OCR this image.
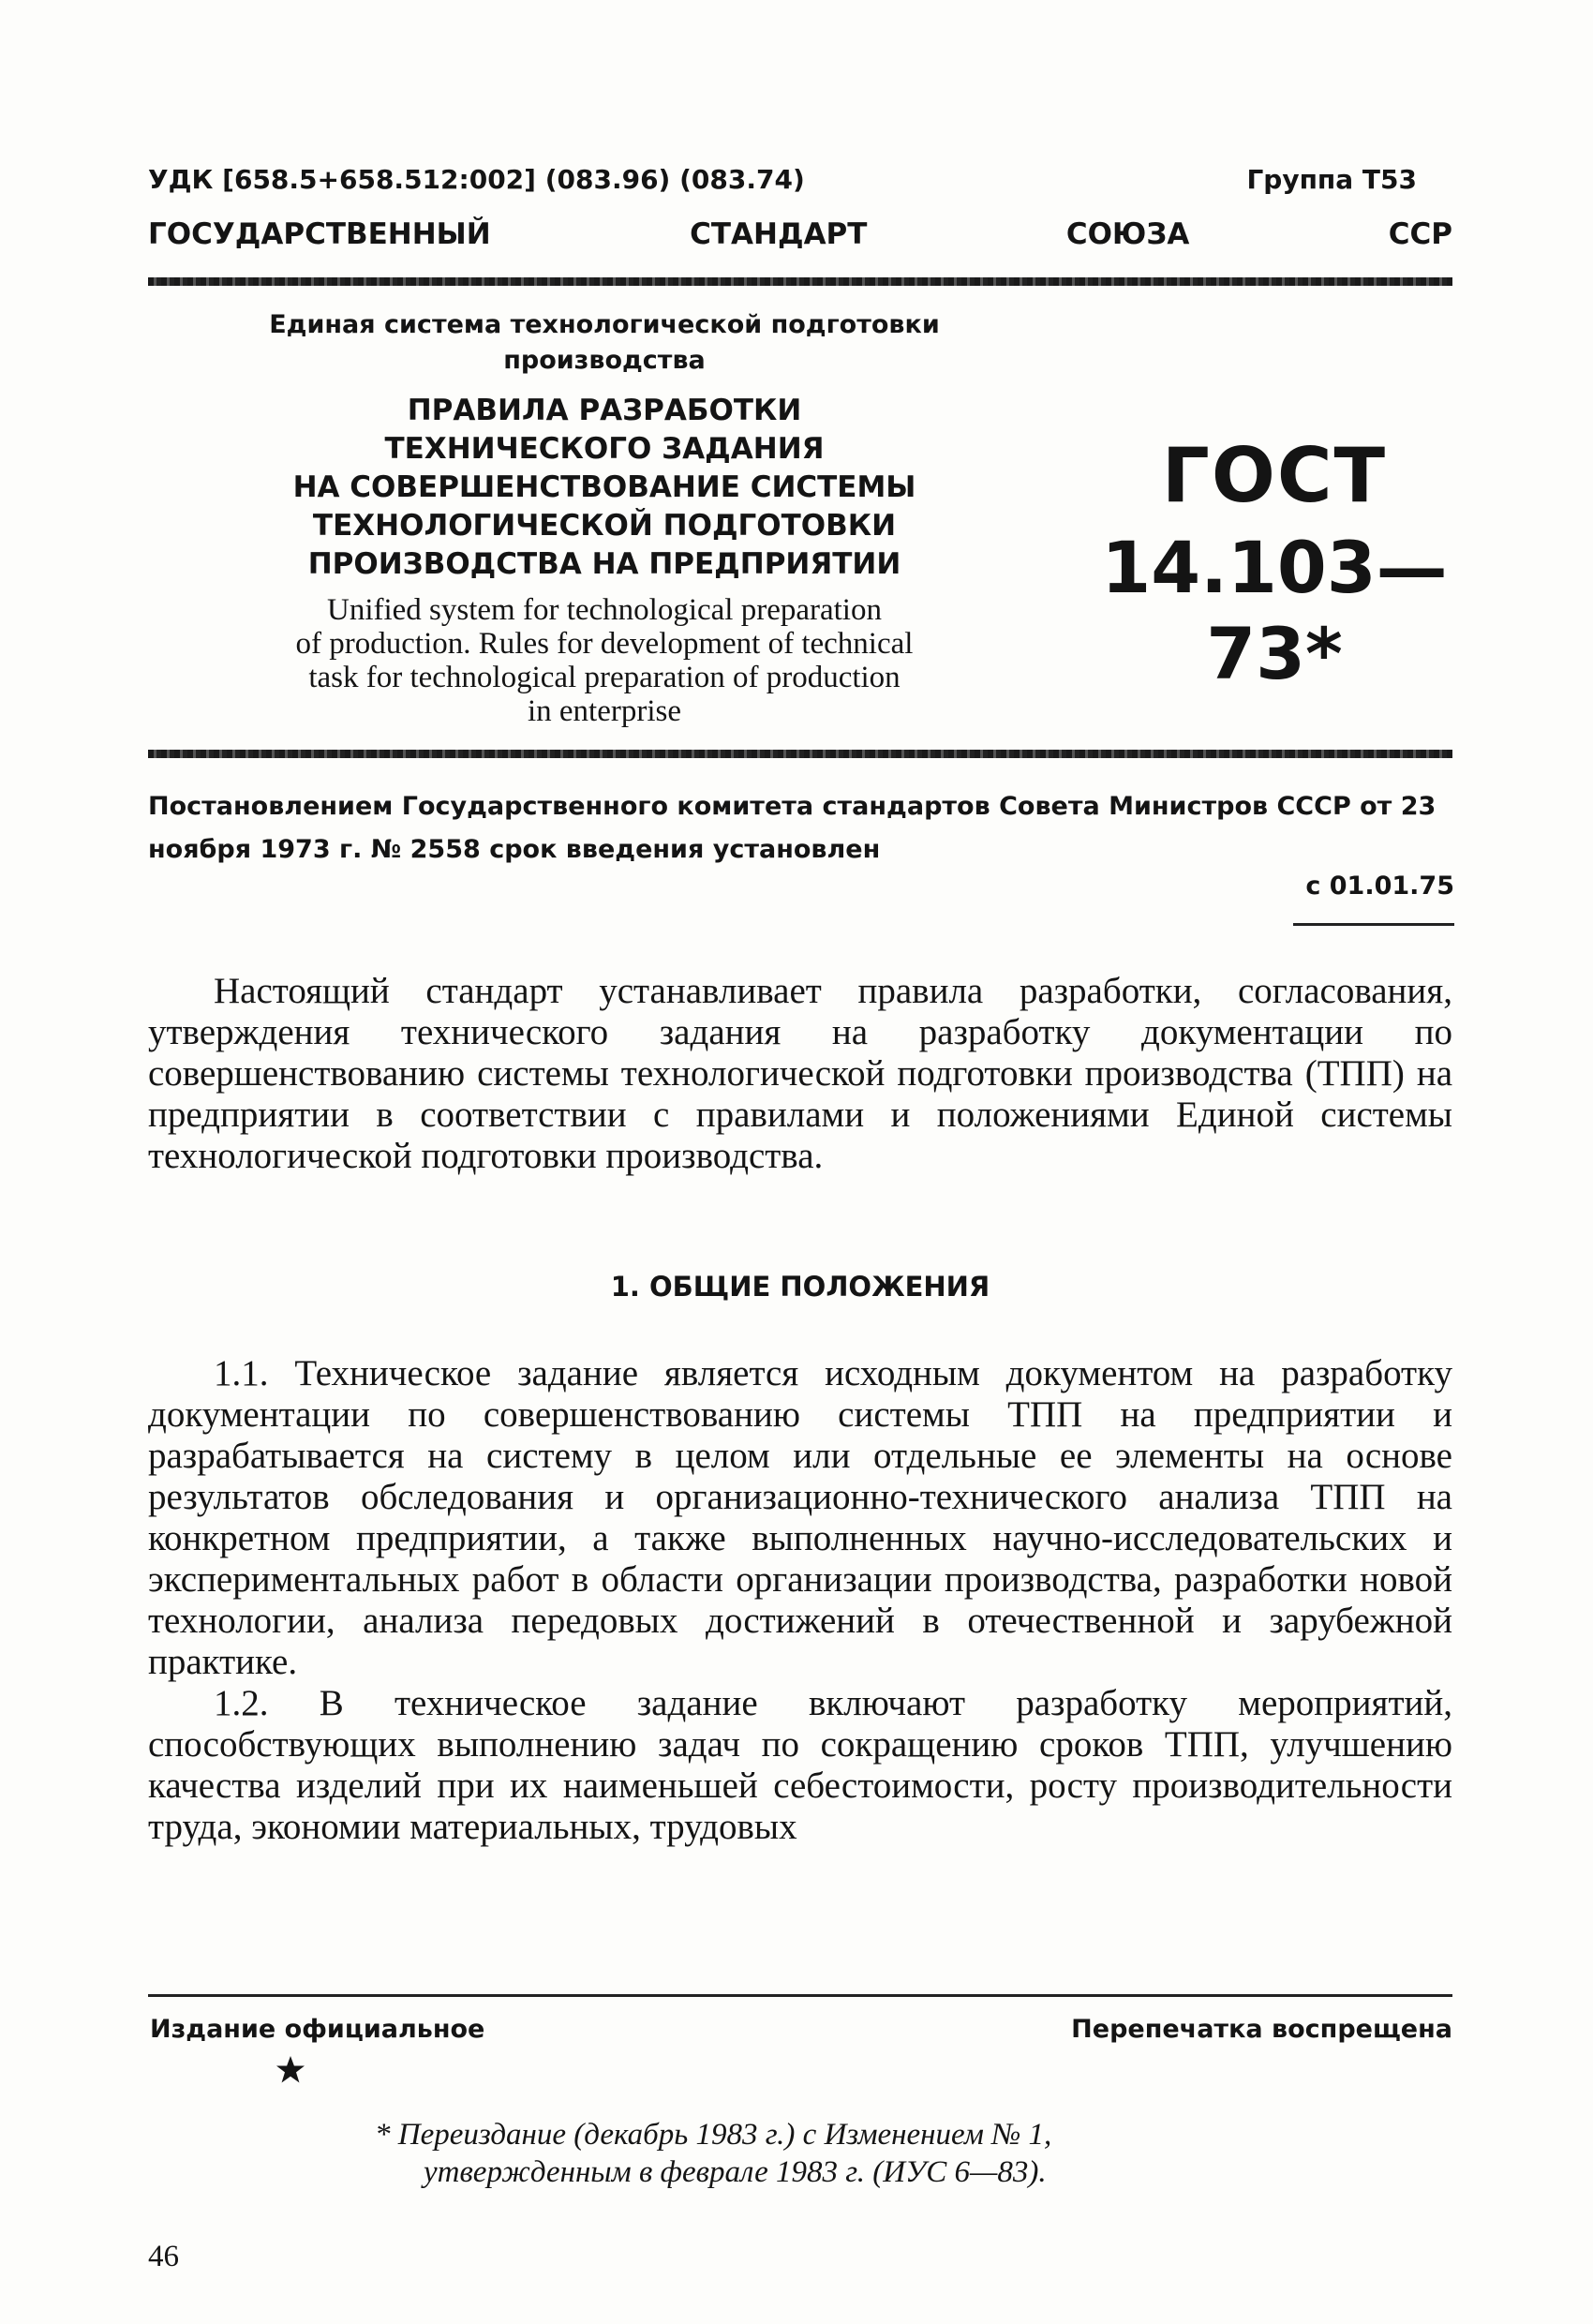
УДК [658.5+658.512:002] (083.96) (083.74)	Группа Т53
ГОСУДАРСТВЕННЫЙ	СТАНДАРТ	СОЮЗА	ССР

Единая система технологической подготовки производства

ПРАВИЛА РАЗРАБОТКИ
ТЕХНИЧЕСКОГО ЗАДАНИЯ
НА СОВЕРШЕНСТВОВАНИЕ СИСТЕМЫ
ТЕХНОЛОГИЧЕСКОЙ ПОДГОТОВКИ
ПРОИЗВОДСТВА НА ПРЕДПРИЯТИИ
Unified system for technological preparation
of production. Rules for development of technical
task for technological preparation of production
in enterprise
ГОСТ
14.103—73*
Постановлением Государственного комитета стандартов Совета Министров СССР от 23 ноября 1973 г. № 2558 срок введения установлен
с 01.01.75

Настоящий стандарт устанавливает правила разработки, согласования, утверждения технического задания на разработку документации по совершенствованию системы технологической подготовки производства (ТПП) на предприятии в соответствии с правилами и положениями Единой системы технологической подготовки производства.

1. ОБЩИЕ ПОЛОЖЕНИЯ

1.1. Техническое задание является исходным документом на разработку документации по совершенствованию системы ТПП на предприятии и разрабатывается на систему в целом или отдельные ее элементы на основе результатов обследования и организационно-технического анализа ТПП на конкретном предприятии, а также выполненных научно-исследовательских и экспериментальных работ в области организации производства, разработки новой технологии, анализа передовых достижений в отечественной и зарубежной практике.

1.2. В техническое задание включают разработку мероприятий, способствующих выполнению задач по сокращению сроков ТПП, улучшению качества изделий при их наименьшей себестоимости, росту производительности труда, экономии материальных, трудовых

Издание официальное	Перепечатка воспрещена

* Переиздание (декабрь 1983 г.) с Изменением № 1,

утвержденным в феврале 1983 г. (ИУС 6—83).

46
